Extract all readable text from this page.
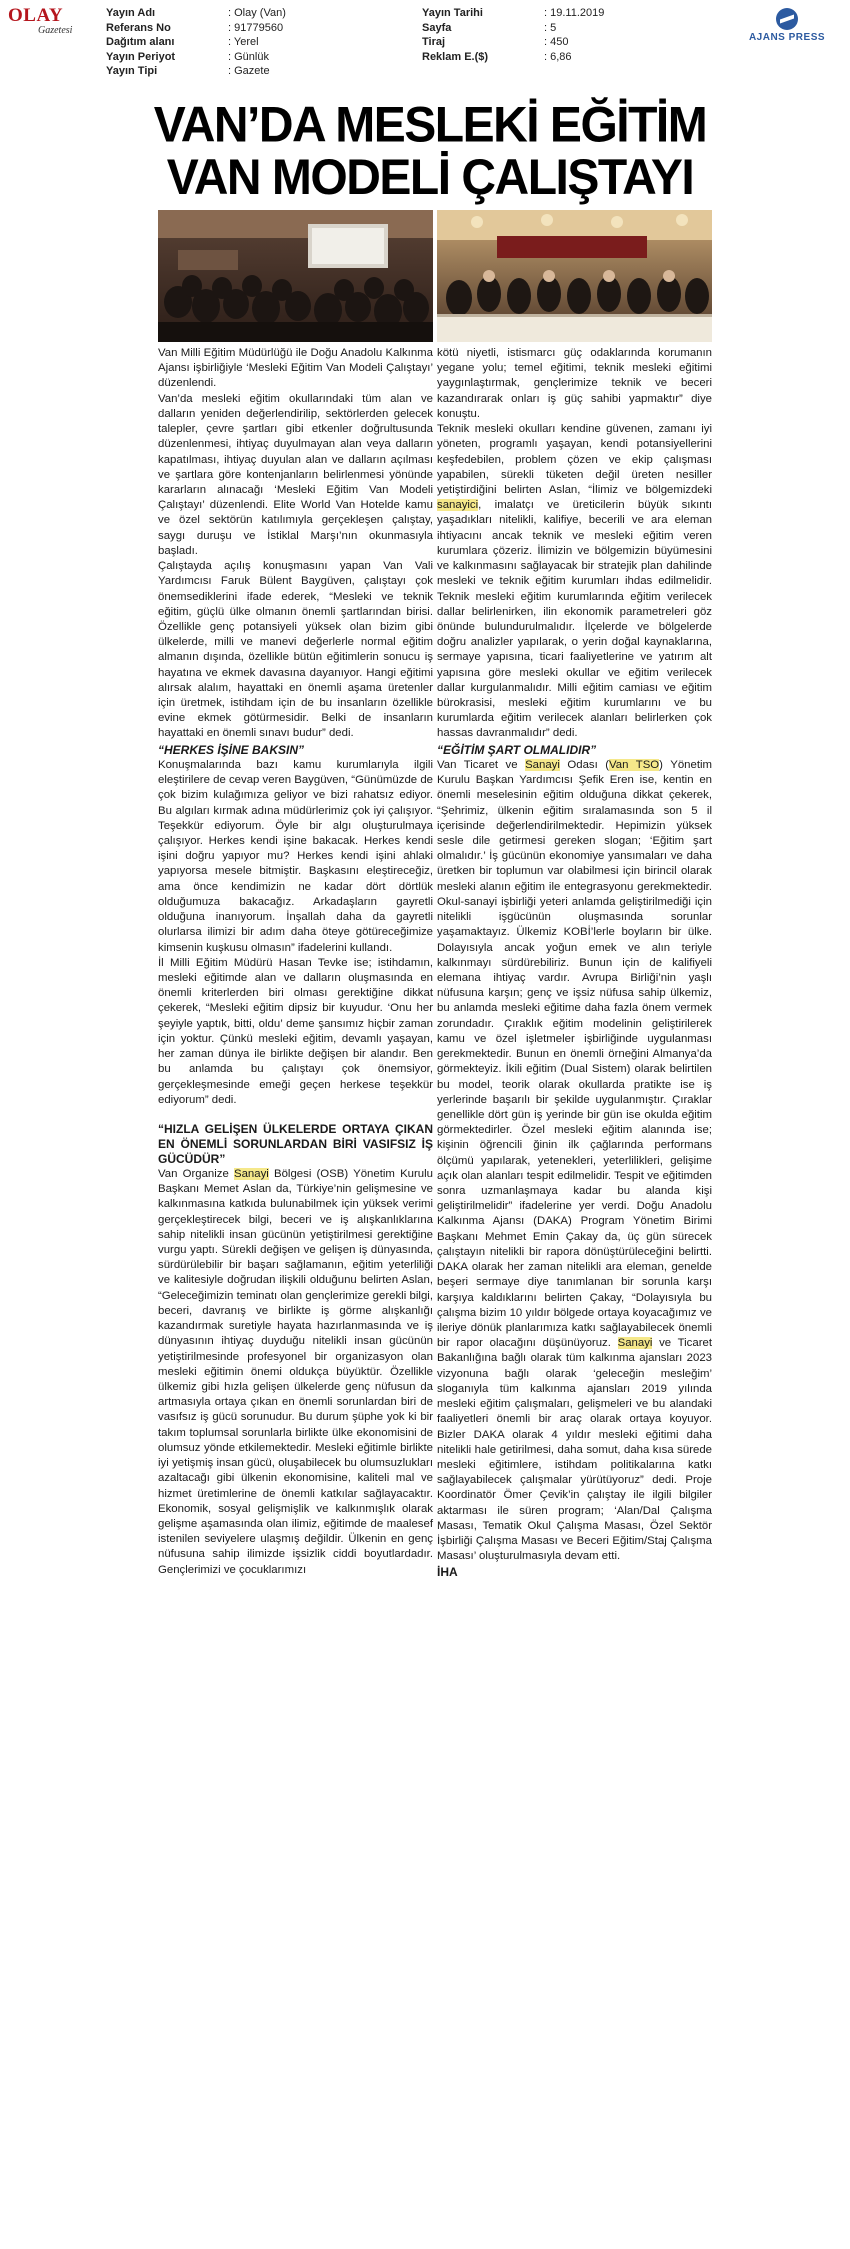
OLAY
Gazetesi
Yayın Adı	: Olay (Van)
Referans No	: 91779560
Dağıtım alanı	: Yerel
Yayın Periyot	: Günlük
Yayın Tipi	: Gazete
Yayın Tarihi	: 19.11.2019
Sayfa	: 5
Tiraj	: 450
Reklam E.($)	: 6,86
AJANS PRESS
VAN’DA MESLEKİ EĞİTİM
VAN MODELİ ÇALIŞTAYI

Van Milli Eğitim Müdürlüğü ile Doğu Anadolu Kalkınma Ajansı işbirliğiyle ‘Mesleki Eğitim Van Modeli Çalıştayı’ düzenlendi.

Van’da mesleki eğitim okullarındaki tüm alan ve dalların yeniden değerlendirilip, sektörlerden gelecek talepler, çevre şartları gibi etkenler doğrultusunda düzenlenmesi, ihtiyaç duyulmayan alan veya dalların kapatılması, ihtiyaç duyulan alan ve dalların açılması ve şartlara göre kontenjanların belirlenmesi yönünde kararların alınacağı ‘Mesleki Eğitim Van Modeli Çalıştayı’ düzenlendi. Elite World Van Hotelde kamu ve özel sektörün katılımıyla gerçekleşen çalıştay, saygı duruşu ve İstiklal Marşı’nın okunmasıyla başladı.

Çalıştayda açılış konuşmasını yapan Van Vali Yardımcısı Faruk Bülent Baygüven, çalıştayı çok önemsediklerini ifade ederek, “Mesleki ve teknik eğitim, güçlü ülke olmanın önemli şartlarından birisi. Özellikle genç potansiyeli yüksek olan bizim gibi ülkelerde, milli ve manevi değerlerle normal eğitim almanın dışında, özellikle bütün eğitimlerin sonucu iş hayatına ve ekmek davasına dayanıyor. Hangi eğitimi alırsak alalım, hayattaki en önemli aşama üretenler için üretmek, istihdam için de bu insanların özellikle evine ekmek götürmesidir. Belki de insanların hayattaki en önemli sınavı budur” dedi.

“HERKES İŞİNE BAKSIN”

Konuşmalarında bazı kamu kurumlarıyla ilgili eleştirilere de cevap veren Baygüven, “Günümüzde de çok bizim kulağımıza geliyor ve bizi rahatsız ediyor. Bu algıları kırmak adına müdürlerimiz çok iyi çalışıyor. Teşekkür ediyorum. Öyle bir algı oluşturulmaya çalışıyor. Herkes kendi işine bakacak. Herkes kendi işini doğru yapıyor mu? Herkes kendi işini ahlaki yapıyorsa mesele bitmiştir. Başkasını eleştireceğiz, ama önce kendimizin ne kadar dört dörtlük olduğumuza bakacağız. Arkadaşların gayretli olduğuna inanıyorum. İnşallah daha da gayretli olurlarsa ilimizi bir adım daha öteye götüreceğimize kimsenin kuşkusu olmasın” ifadelerini kullandı.

İl Milli Eğitim Müdürü Hasan Tevke ise; istihdamın, mesleki eğitimde alan ve dalların oluşmasında en önemli kriterlerden biri olması gerektiğine dikkat çekerek, “Mesleki eğitim dipsiz bir kuyudur. ‘Onu her şeyiyle yaptık, bitti, oldu’ deme şansımız hiçbir zaman için yoktur. Çünkü mesleki eğitim, devamlı yaşayan, her zaman dünya ile birlikte değişen bir alandır. Ben bu anlamda bu çalıştayı çok önemsiyor, gerçekleşmesinde emeği geçen herkese teşekkür ediyorum” dedi.

“HIZLA GELİŞEN ÜLKELERDE ORTAYA ÇIKAN EN ÖNEMLİ SORUNLARDAN BİRİ VASIFSIZ İŞ GÜCÜDÜR”

Van Organize Sanayi Bölgesi (OSB) Yönetim Kurulu Başkanı Memet Aslan da, Türkiye’nin gelişmesine ve kalkınmasına katkıda bulunabilmek için yüksek verimi gerçekleştirecek bilgi, beceri ve iş alışkanlıklarına sahip nitelikli insan gücünün yetiştirilmesi gerektiğine vurgu yaptı. Sürekli değişen ve gelişen iş dünyasında, sürdürülebilir bir başarı sağlamanın, eğitim yeterliliği ve kalitesiyle doğrudan ilişkili olduğunu belirten Aslan, “Geleceğimizin teminatı olan gençlerimize gerekli bilgi, beceri, davranış ve birlikte iş görme alışkanlığı kazandırmak suretiyle hayata hazırlanmasında ve iş dünyasının ihtiyaç duyduğu nitelikli insan gücünün yetiştirilmesinde profesyonel bir organizasyon olan mesleki eğitimin önemi oldukça büyüktür. Özellikle ülkemiz gibi hızla gelişen ülkelerde genç nüfusun da artmasıyla ortaya çıkan en önemli sorunlardan biri de vasıfsız iş gücü sorunudur. Bu durum şüphe yok ki bir takım toplumsal sorunlarla birlikte ülke ekonomisini de olumsuz yönde etkilemektedir. Mesleki eğitimle birlikte iyi yetişmiş insan gücü, oluşabilecek bu olumsuzlukları azaltacağı gibi ülkenin ekonomisine, kaliteli mal ve hizmet üretimlerine de önemli katkılar sağlayacaktır. Ekonomik, sosyal gelişmişlik ve kalkınmışlık olarak gelişme aşamasında olan ilimiz, eğitimde de maalesef istenilen seviyelere ulaşmış değildir. Ülkenin en genç nüfusuna sahip ilimizde işsizlik ciddi boyutlardadır. Gençlerimizi ve çocuklarımızı

kötü niyetli, istismarcı güç odaklarında korumanın yegane yolu; temel eğitimi, teknik mesleki eğitimi yaygınlaştırmak, gençlerimize teknik ve beceri kazandırarak onları iş güç sahibi yapmaktır” diye konuştu.

Teknik mesleki okulları kendine güvenen, zamanı iyi yöneten, programlı yaşayan, kendi potansiyellerini keşfedebilen, problem çözen ve ekip çalışması yapabilen, sürekli tüketen değil üreten nesiller yetiştirdiğini belirten Aslan, “İlimiz ve bölgemizdeki sanayici, imalatçı ve üreticilerin büyük sıkıntı yaşadıkları nitelikli, kalifiye, becerili ve ara eleman ihtiyacını ancak teknik ve mesleki eğitim veren kurumlara çözeriz. İlimizin ve bölgemizin büyümesini ve kalkınmasını sağlayacak bir stratejik plan dahilinde mesleki ve teknik eğitim kurumları ihdas edilmelidir. Teknik mesleki eğitim kurumlarında eğitim verilecek dallar belirlenirken, ilin ekonomik parametreleri göz önünde bulundurulmalıdır. İlçelerde ve bölgelerde doğru analizler yapılarak, o yerin doğal kaynaklarına, sermaye yapısına, ticari faaliyetlerine ve yatırım alt yapısına göre mesleki okullar ve eğitim verilecek dallar kurgulanmalıdır. Milli eğitim camiası ve eğitim bürokrasisi, mesleki eğitim kurumlarını ve bu kurumlarda eğitim verilecek alanları belirlerken çok hassas davranmalıdır” dedi.

“EĞİTİM ŞART OLMALIDIR”

Van Ticaret ve Sanayi Odası (Van TSO) Yönetim Kurulu Başkan Yardımcısı Şefik Eren ise, kentin en önemli meselesinin eğitim olduğuna dikkat çekerek, “Şehrimiz, ülkenin eğitim sıralamasında son 5 il içerisinde değerlendirilmektedir. Hepimizin yüksek sesle dile getirmesi gereken slogan; ‘Eğitim şart olmalıdır.’ İş gücünün ekonomiye yansımaları ve daha üretken bir toplumun var olabilmesi için birincil olarak mesleki alanın eğitim ile entegrasyonu gerekmektedir. Okul-sanayi işbirliği yeteri anlamda geliştirilmediği için nitelikli işgücünün oluşmasında sorunlar yaşamaktayız. Ülkemiz KOBİ’lerle boyların bir ülke. Dolayısıyla ancak yoğun emek ve alın teriyle kalkınmayı sürdürebiliriz. Bunun için de kalifiyeli elemana ihtiyaç vardır. Avrupa Birliği’nin yaşlı nüfusuna karşın; genç ve işsiz nüfusa sahip ülkemiz, bu anlamda mesleki eğitime daha fazla önem vermek zorundadır. Çıraklık eğitim modelinin geliştirilerek kamu ve özel işletmeler işbirliğinde uygulanması gerekmektedir. Bunun en önemli örneğini Almanya’da görmekteyiz. İkili eğitim (Dual Sistem) olarak belirtilen bu model, teorik olarak okullarda pratikte ise iş yerlerinde başarılı bir şekilde uygulanmıştır. Çıraklar genellikle dört gün iş yerinde bir gün ise okulda eğitim görmektedirler. Özel mesleki eğitim alanında ise; kişinin öğrencili ğinin ilk çağlarında performans ölçümü yapılarak, yetenekleri, yeterlilikleri, gelişime açık olan alanları tespit edilmelidir. Tespit ve eğitimden sonra uzmanlaşmaya kadar bu alanda kişi geliştirilmelidir” ifadelerine yer verdi. Doğu Anadolu Kalkınma Ajansı (DAKA) Program Yönetim Birimi Başkanı Mehmet Emin Çakay da, üç gün sürecek çalıştayın nitelikli bir rapora dönüştürüleceğini belirtti. DAKA olarak her zaman nitelikli ara eleman, genelde beşeri sermaye diye tanımlanan bir sorunla karşı karşıya kaldıklarını belirten Çakay, “Dolayısıyla bu çalışma bizim 10 yıldır bölgede ortaya koyacağımız ve ileriye dönük planlarımıza katkı sağlayabilecek önemli bir rapor olacağını düşünüyoruz. Sanayi ve Ticaret Bakanlığına bağlı olarak tüm kalkınma ajansları 2023 vizyonuna bağlı olarak ‘geleceğin mesleğim’ sloganıyla tüm kalkınma ajansları 2019 yılında mesleki eğitim çalışmaları, gelişmeleri ve bu alandaki faaliyetleri önemli bir araç olarak ortaya koyuyor. Bizler DAKA olarak 4 yıldır mesleki eğitimi daha nitelikli hale getirilmesi, daha somut, daha kısa sürede mesleki eğitimlere, istihdam politikalarına katkı sağlayabilecek çalışmalar yürütüyoruz” dedi. Proje Koordinatör Ömer Çevik’in çalıştay ile ilgili bilgiler aktarması ile süren program; ‘Alan/Dal Çalışma Masası, Tematik Okul Çalışma Masası, Özel Sektör İşbirliği Çalışma Masası ve Beceri Eğitim/Staj Çalışma Masası’ oluşturulmasıyla devam etti.

İHA
